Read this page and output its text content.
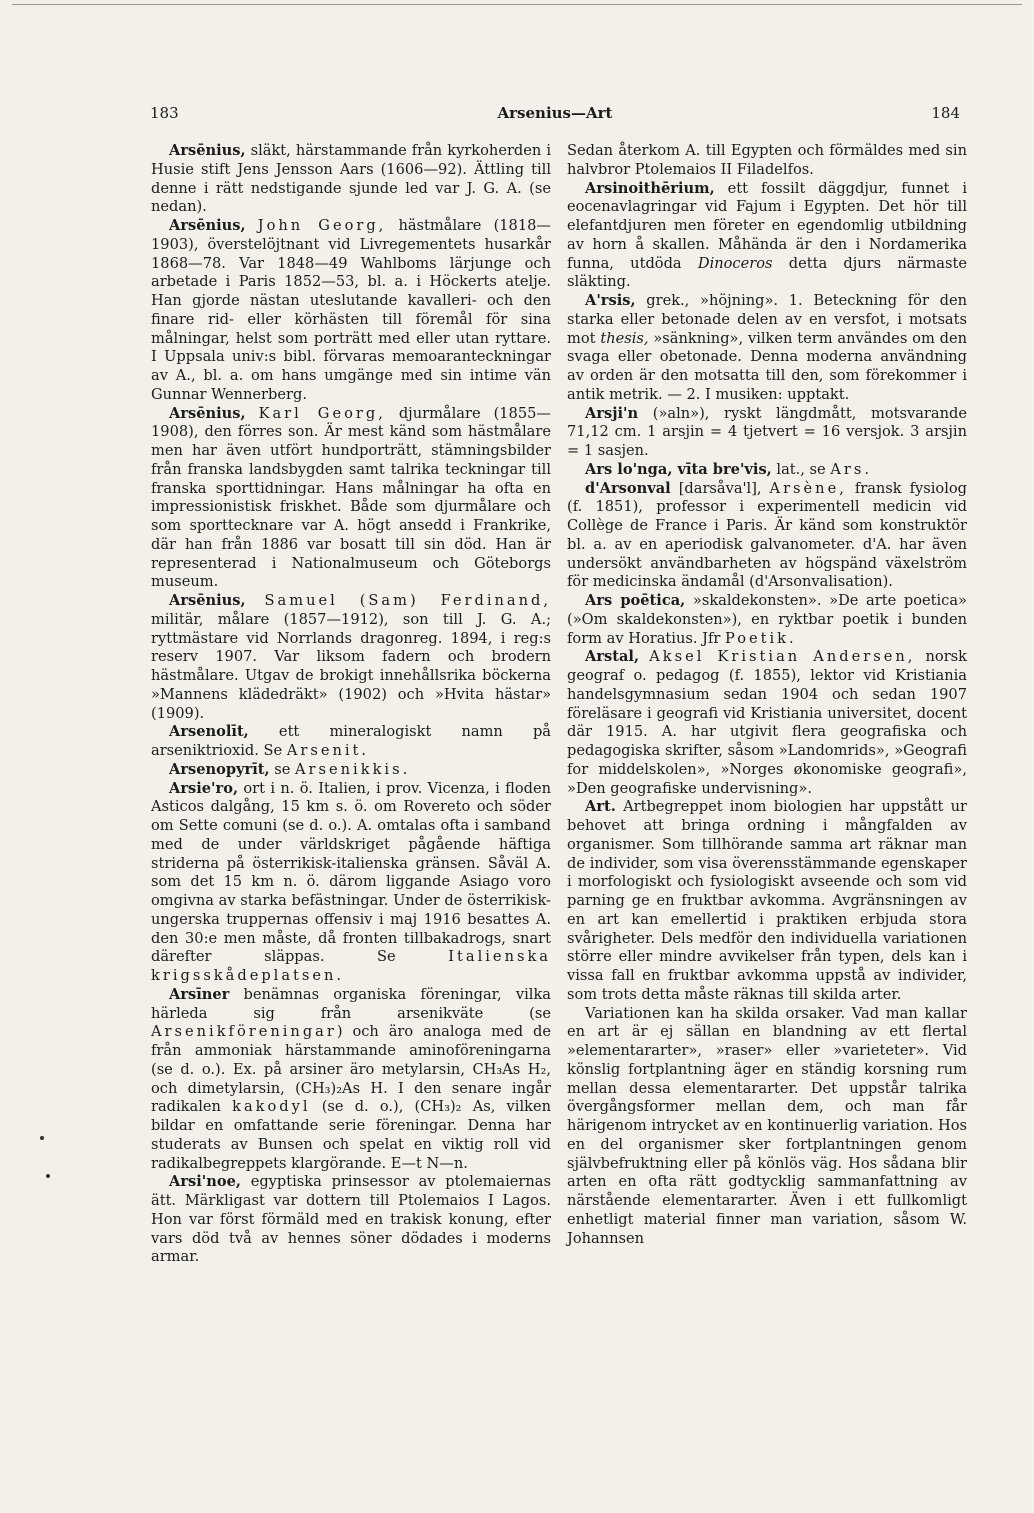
183	Arsenius—Art	184

Arsēnius, släkt, härstammande från kyrkoherden i Husie stift Jens Jensson Aars (1606—92). Ättling till denne i rätt nedstigande sjunde led var J. G. A. (se nedan).

Arsēnius, John Georg, hästmålare (1818—1903), överstelöjtnant vid Livregementets husarkår 1868—78. Var 1848—49 Wahlboms lärjunge och arbetade i Paris 1852—53, bl. a. i Höckerts atelje. Han gjorde nästan uteslutande kavalleri- och den finare rid- eller körhästen till föremål för sina målningar, helst som porträtt med eller utan ryttare. I Uppsala univ:s bibl. förvaras memoaranteckningar av A., bl. a. om hans umgänge med sin intime vän Gunnar Wennerberg.

Arsēnius, Karl Georg, djurmålare (1855—1908), den förres son. Är mest känd som hästmålare men har även utfört hundporträtt, stämningsbilder från franska landsbygden samt talrika teckningar till franska sporttidningar. Hans målningar ha ofta en impressionistisk friskhet. Både som djurmålare och som sporttecknare var A. högt ansedd i Frankrike, där han från 1886 var bosatt till sin död. Han är representerad i Nationalmuseum och Göteborgs museum.

Arsēnius, Samuel (Sam) Ferdinand, militär, målare (1857—1912), son till J. G. A.; ryttmästare vid Norrlands dragonreg. 1894, i reg:s reserv 1907. Var liksom fadern och brodern hästmålare. Utgav de brokigt innehållsrika böckerna »Mannens klädedräkt» (1902) och »Hvita hästar» (1909).

Arsenolīt, ett mineralogiskt namn på arseniktrioxid. Se Arsenit.

Arsenopyrīt, se Arsenikkis.

Arsie'ro, ort i n. ö. Italien, i prov. Vicenza, i floden Asticos dalgång, 15 km s. ö. om Rovereto och söder om Sette comuni (se d. o.). A. omtalas ofta i samband med de under världskriget pågående häftiga striderna på österrikisk-italienska gränsen. Såväl A. som det 15 km n. ö. därom liggande Asiago voro omgivna av starka befästningar. Under de österrikisk-ungerska truppernas offensiv i maj 1916 besattes A. den 30:e men måste, då fronten tillbakadrogs, snart därefter släppas. Se Italienska krigsskådeplatsen.

Arsīner benämnas organiska föreningar, vilka härleda sig från arsenikväte (se Arsenikföreningar) och äro analoga med de från ammoniak härstammande aminoföreningarna (se d. o.). Ex. på arsiner äro metylarsin, CH₃As H₂, och dimetylarsin, (CH₃)₂As H. I den senare ingår radikalen kakodyl (se d. o.), (CH₃)₂ As, vilken bildar en omfattande serie föreningar. Denna har studerats av Bunsen och spelat en viktig roll vid radikalbegreppets klargörande. E—t N—n.

Arsi'noe, egyptiska prinsessor av ptolemaiernas ätt. Märkligast var dottern till Ptolemaios I Lagos. Hon var först förmäld med en trakisk konung, efter vars död två av hennes söner dödades i moderns armar.

Sedan återkom A. till Egypten och förmäldes med sin halvbror Ptolemaios II Filadelfos.

Arsinoithērium, ett fossilt däggdjur, funnet i eocenavlagringar vid Fajum i Egypten. Det hör till elefantdjuren men företer en egendomlig utbildning av horn å skallen. Måhända är den i Nordamerika funna, utdöda Dinoceros detta djurs närmaste släkting.

A'rsis, grek., »höjning». 1. Beteckning för den starka eller betonade delen av en versfot, i motsats mot thesis, »sänkning», vilken term användes om den svaga eller obetonade. Denna moderna användning av orden är den motsatta till den, som förekommer i antik metrik. — 2. I musiken: upptakt.

Arsji'n (»aln»), ryskt längdmått, motsvarande 71,12 cm. 1 arsjin = 4 tjetvert = 16 versjok. 3 arsjin = 1 sasjen.

Ars lo'nga, vīta bre'vis, lat., se Ars.

d'Arsonval [darsåva'l], Arsène, fransk fysiolog (f. 1851), professor i experimentell medicin vid Collège de France i Paris. Är känd som konstruktör bl. a. av en aperiodisk galvanometer. d'A. har även undersökt användbarheten av högspänd växelström för medicinska ändamål (d'Arsonvalisation).

Ars poētica, »skaldekonsten». »De arte poetica» (»Om skaldekonsten»), en ryktbar poetik i bunden form av Horatius. Jfr Poetik.

Arstal, Aksel Kristian Andersen, norsk geograf o. pedagog (f. 1855), lektor vid Kristiania handelsgymnasium sedan 1904 och sedan 1907 föreläsare i geografi vid Kristiania universitet, docent där 1915. A. har utgivit flera geografiska och pedagogiska skrifter, såsom »Landomrids», »Geografi for middelskolen», »Norges økonomiske geografi», »Den geografiske undervisning».

Art. Artbegreppet inom biologien har uppstått ur behovet att bringa ordning i mångfalden av organismer. Som tillhörande samma art räknar man de individer, som visa överensstämmande egenskaper i morfologiskt och fysiologiskt avseende och som vid parning ge en fruktbar avkomma. Avgränsningen av en art kan emellertid i praktiken erbjuda stora svårigheter. Dels medför den individuella variationen större eller mindre avvikelser från typen, dels kan i vissa fall en fruktbar avkomma uppstå av individer, som trots detta måste räknas till skilda arter.

Variationen kan ha skilda orsaker. Vad man kallar en art är ej sällan en blandning av ett flertal »elementararter», »raser» eller »varieteter». Vid könslig fortplantning äger en ständig korsning rum mellan dessa elementararter. Det uppstår talrika övergångsformer mellan dem, och man får härigenom intrycket av en kontinuerlig variation. Hos en del organismer sker fortplantningen genom självbefruktning eller på könlös väg. Hos sådana blir arten en ofta rätt godtycklig sammanfattning av närstående elementararter. Även i ett fullkomligt enhetligt material finner man variation, såsom W. Johannsen
